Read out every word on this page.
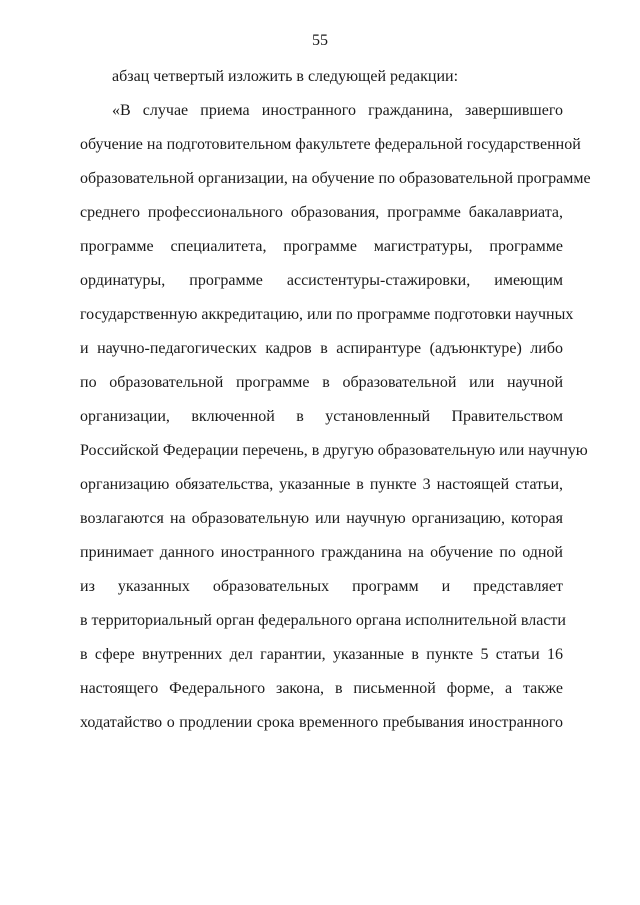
55
абзац четвертый изложить в следующей редакции:
«В случае приема иностранного гражданина, завершившего
обучение на подготовительном факультете федеральной государственной
образовательной организации, на обучение по образовательной программе
среднего профессионального образования, программе бакалавриата,
программе специалитета, программе магистратуры, программе
ординатуры, программе ассистентуры-стажировки, имеющим
государственную аккредитацию, или по программе подготовки научных
и научно-педагогических кадров в аспирантуре (адъюнктуре) либо
по образовательной программе в образовательной или научной
организации, включенной в установленный Правительством
Российской Федерации перечень, в другую образовательную или научную
организацию обязательства, указанные в пункте 3 настоящей статьи,
возлагаются на образовательную или научную организацию, которая
принимает данного иностранного гражданина на обучение по одной
из указанных образовательных программ и представляет
в территориальный орган федерального органа исполнительной власти
в сфере внутренних дел гарантии, указанные в пункте 5 статьи 16
настоящего Федерального закона, в письменной форме, а также
ходатайство о продлении срока временного пребывания иностранного
